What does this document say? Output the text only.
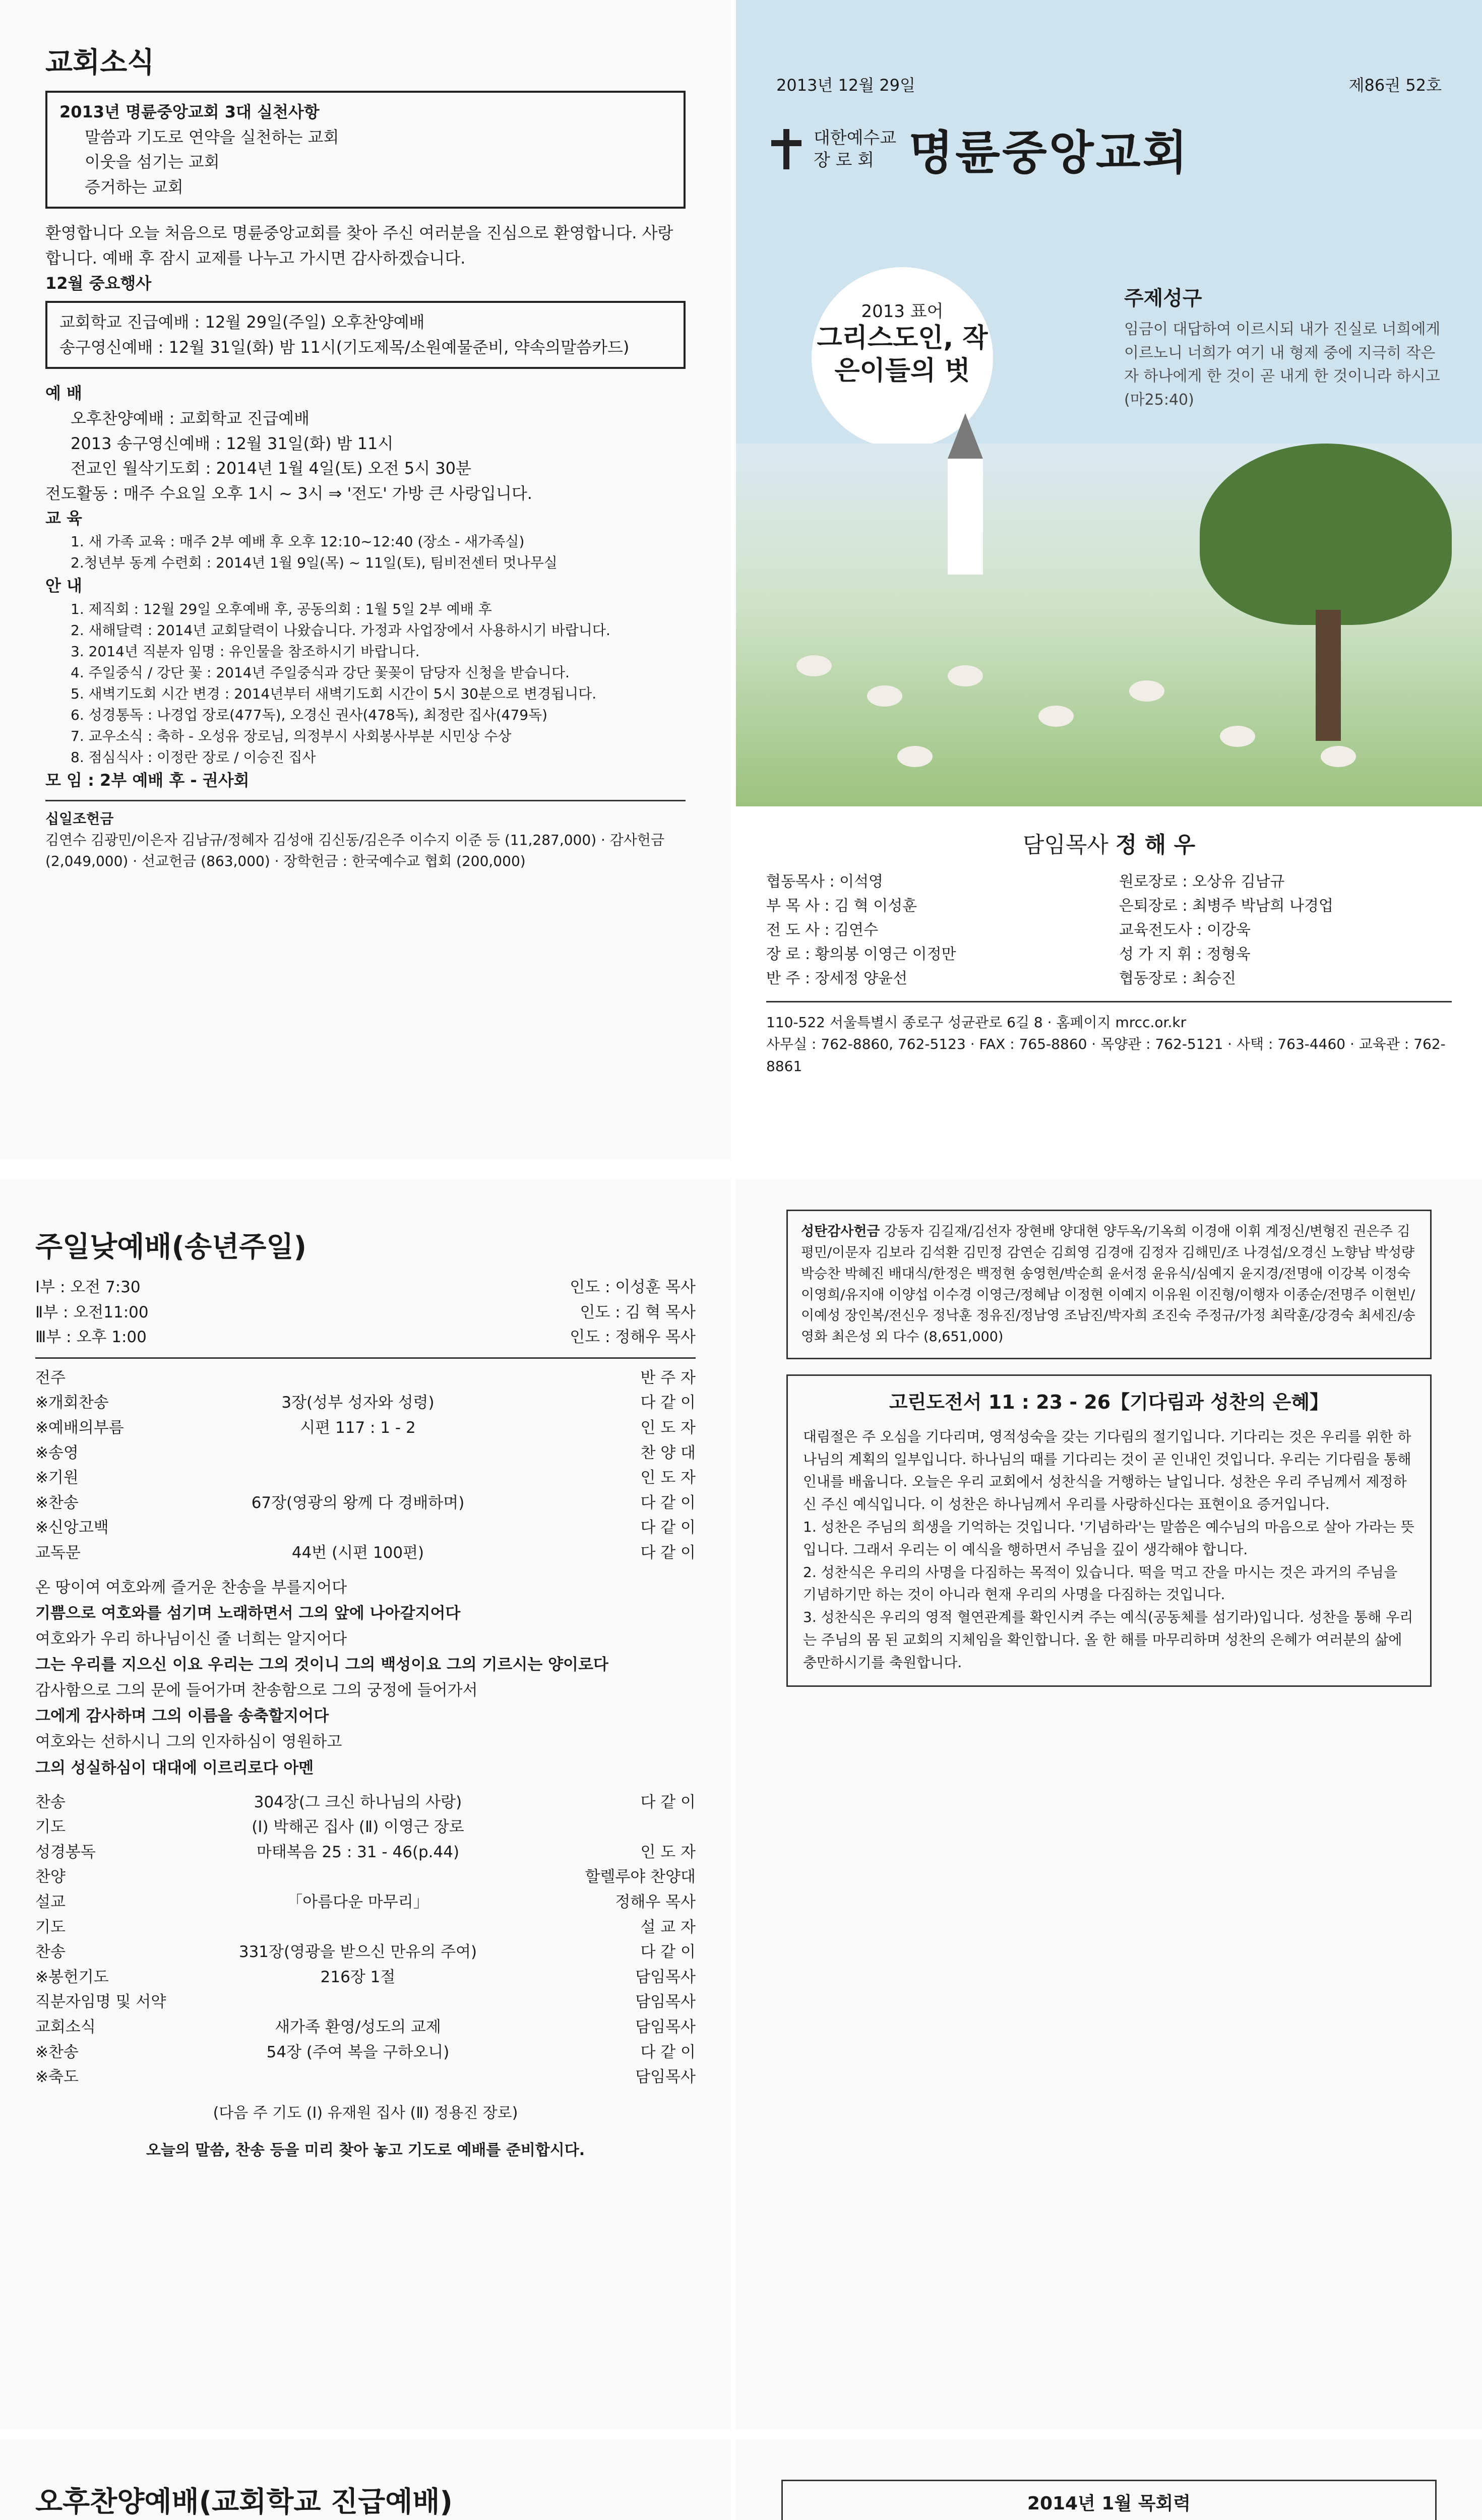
교회소식

2013년 명륜중앙교회 3대 실천사항

말씀과 기도로 연약을 실천하는 교회

이웃을 섬기는 교회

증거하는 교회

환영합니다 오늘 처음으로 명륜중앙교회를 찾아 주신 여러분을 진심으로 환영합니다. 사랑합니다. 예배 후 잠시 교제를 나누고 가시면 감사하겠습니다.

12월 중요행사

교회학교 진급예배 : 12월 29일(주일) 오후찬양예배

송구영신예배 : 12월 31일(화) 밤 11시(기도제목/소원예물준비, 약속의말씀카드)

예 배

오후찬양예배 : 교회학교 진급예배

2013 송구영신예배 : 12월 31일(화) 밤 11시

전교인 월삭기도회 : 2014년 1월 4일(토) 오전 5시 30분

전도활동 : 매주 수요일 오후 1시 ~ 3시 ⇒ '전도' 가방 큰 사랑입니다.

교 육

1. 새 가족 교육 : 매주 2부 예배 후 오후 12:10~12:40 (장소 - 새가족실)

2.청년부 동계 수련회 : 2014년 1월 9일(목) ~ 11일(토), 팀비전센터 멋나무실

안 내

1. 제직회 : 12월 29일 오후예배 후, 공동의회 : 1월 5일 2부 예배 후

2. 새해달력 : 2014년 교회달력이 나왔습니다. 가정과 사업장에서 사용하시기 바랍니다.

3. 2014년 직분자 임명 : 유인물을 참조하시기 바랍니다.

4. 주일중식 / 강단 꽃 : 2014년 주일중식과 강단 꽃꽂이 담당자 신청을 받습니다.

5. 새벽기도회 시간 변경 : 2014년부터 새벽기도회 시간이 5시 30분으로 변경됩니다.

6. 성경통독 : 나경업 장로(477독), 오경신 권사(478독), 최정란 집사(479독)

7. 교우소식 : 축하 - 오성유 장로님, 의정부시 사회봉사부분 시민상 수상

8. 점심식사 : 이정란 장로 / 이승진 집사

모 임 : 2부 예배 후 - 권사회

십일조헌금

김연수 김광민/이은자 김남규/정혜자 김성애 김신동/김은주 이수지 이준 등 (11,287,000) · 감사헌금 (2,049,000) · 선교헌금 (863,000) · 장학헌금 : 한국예수교 협회 (200,000)

2013년 12월 29일	제86권 52호
대한예수교
장 로 회 명륜중앙교회
2013 표어
그리스도인, 작은이들의 벗
주제성구

임금이 대답하여 이르시되 내가 진실로 너희에게 이르노니 너희가 여기 내 형제 중에 지극히 작은 자 하나에게 한 것이 곧 내게 한 것이니라 하시고 (마25:40)

담임목사 정 해 우
협동목사 : 이석영	원로장로 : 오상유 김남규
부 목 사 : 김 혁 이성훈	은퇴장로 : 최병주 박남희 나경업
전 도 사 : 김연수	교육전도사 : 이강욱
장 로 : 황의봉 이영근 이정만	성 가 지 휘 : 정형욱
반 주 : 장세정 양윤선	협동장로 : 최승진
110-522 서울특별시 종로구 성균관로 6길 8 · 홈페이지 mrcc.or.kr
사무실 : 762-8860, 762-5123 · FAX : 765-8860 · 목양관 : 762-5121 · 사택 : 763-4460 · 교육관 : 762-8861
주일낮예배(송년주일)
Ⅰ부 : 오전 7:30	인도 : 이성훈 목사
Ⅱ부 : 오전11:00	인도 : 김 혁 목사
Ⅲ부 : 오후 1:00	인도 : 정해우 목사
전주	반 주 자
※개회찬송	3장(성부 성자와 성령)	다 같 이
※예배의부름	시편 117 : 1 - 2	인 도 자
※송영	찬 양 대
※기원	인 도 자
※찬송	67장(영광의 왕께 다 경배하며)	다 같 이
※신앙고백	다 같 이
교독문	44번 (시편 100편)	다 같 이
온 땅이여 여호와께 즐거운 찬송을 부를지어다
기쁨으로 여호와를 섬기며 노래하면서 그의 앞에 나아갈지어다
여호와가 우리 하나님이신 줄 너희는 알지어다
그는 우리를 지으신 이요 우리는 그의 것이니 그의 백성이요 그의 기르시는 양이로다
감사함으로 그의 문에 들어가며 찬송함으로 그의 궁정에 들어가서
그에게 감사하며 그의 이름을 송축할지어다
여호와는 선하시니 그의 인자하심이 영원하고
그의 성실하심이 대대에 이르리로다 아멘
찬송	304장(그 크신 하나님의 사랑)	다 같 이
기도	(Ⅰ) 박해곤 집사 (Ⅱ) 이영근 장로
성경봉독	마태복음 25 : 31 - 46(p.44)	인 도 자
찬양	할렐루야 찬양대
설교	「아름다운 마무리」	정해우 목사
기도	설 교 자
찬송	331장(영광을 받으신 만유의 주여)	다 같 이
※봉헌기도	216장 1절	담임목사
직분자임명 및 서약	담임목사
교회소식	새가족 환영/성도의 교제	담임목사
※찬송	54장 (주여 복을 구하오니)	다 같 이
※축도	담임목사

(다음 주 기도 (Ⅰ) 유재원 집사 (Ⅱ) 정용진 장로)

오늘의 말씀, 찬송 등을 미리 찾아 놓고 기도로 예배를 준비합시다.

성탄감사헌금 강동자 김길재/김선자 장현배 양대현 양두옥/기옥희 이경애 이휘 계정신/변형진 권은주 김평민/이문자 김보라 김석환 김민정 감연순 김희영 김경애 김정자 김해민/조 나경섭/오경신 노향남 박성량 박승찬 박혜진 배대식/한정은 백정현 송영현/박순희 윤서정 윤유식/심예지 윤지경/전명애 이강복 이정숙 이영희/유지애 이양섭 이수경 이영근/정혜남 이정현 이예지 이유원 이진형/이행자 이종순/전명주 이현빈/이예성 장인복/전신우 정낙훈 정유진/정남영 조남진/박자희 조진숙 주정규/가정 최락훈/강경숙 최세진/송영화 최은성 외 다수 (8,651,000)
고린도전서 11 : 23 - 26【기다림과 성찬의 은혜】
대림절은 주 오심을 기다리며, 영적성숙을 갖는 기다림의 절기입니다. 기다리는 것은 우리를 위한 하나님의 계획의 일부입니다. 하나님의 때를 기다리는 것이 곧 인내인 것입니다. 우리는 기다림을 통해 인내를 배웁니다. 오늘은 우리 교회에서 성찬식을 거행하는 날입니다. 성찬은 우리 주님께서 제정하신 주신 예식입니다. 이 성찬은 하나님께서 우리를 사랑하신다는 표현이요 증거입니다.
1. 성찬은 주님의 희생을 기억하는 것입니다. '기념하라'는 말씀은 예수님의 마음으로 살아 가라는 뜻입니다. 그래서 우리는 이 예식을 행하면서 주님을 깊이 생각해야 합니다.
2. 성찬식은 우리의 사명을 다짐하는 목적이 있습니다. 떡을 먹고 잔을 마시는 것은 과거의 주님을 기념하기만 하는 것이 아니라 현재 우리의 사명을 다짐하는 것입니다.
3. 성찬식은 우리의 영적 혈연관계를 확인시켜 주는 예식(공동체를 섬기라)입니다. 성찬을 통해 우리는 주님의 몸 된 교회의 지체임을 확인합니다. 올 한 해를 마무리하며 성찬의 은혜가 여러분의 삶에 충만하시기를 축원합니다.
오후찬양예배(교회학교 진급예배)

							2014년 1월 목회력
